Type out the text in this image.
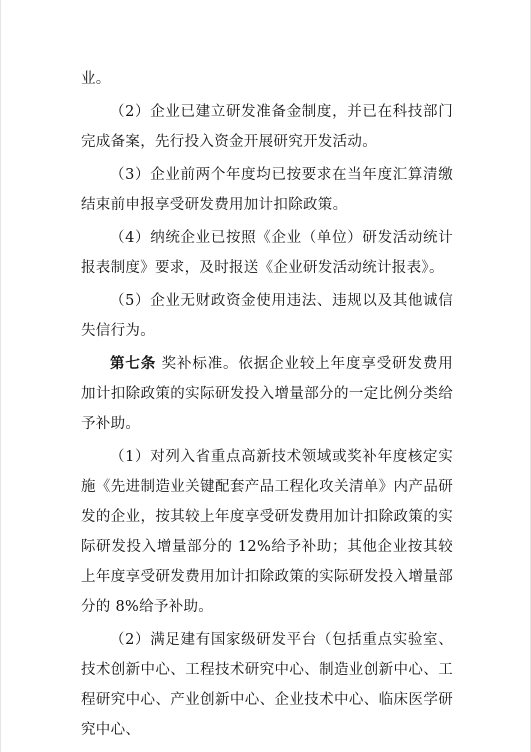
业。

（2）企业已建立研发准备金制度，并已在科技部门完成备案，先行投入资金开展研究开发活动。

（3）企业前两个年度均已按要求在当年度汇算清缴结束前申报享受研发费用加计扣除政策。

（4）纳统企业已按照《企业（单位）研发活动统计报表制度》要求，及时报送《企业研发活动统计报表》。

（5）企业无财政资金使用违法、违规以及其他诚信失信行为。

第七条 奖补标准。依据企业较上年度享受研发费用加计扣除政策的实际研发投入增量部分的一定比例分类给予补助。

（1）对列入省重点高新技术领域或奖补年度核定实施《先进制造业关键配套产品工程化攻关清单》内产品研发的企业，按其较上年度享受研发费用加计扣除政策的实际研发投入增量部分的 12%给予补助；其他企业按其较上年度享受研发费用加计扣除政策的实际研发投入增量部分的 8%给予补助。

（2）满足建有国家级研发平台（包括重点实验室、技术创新中心、工程技术研究中心、制造业创新中心、工程研究中心、产业创新中心、企业技术中心、临床医学研究中心、
